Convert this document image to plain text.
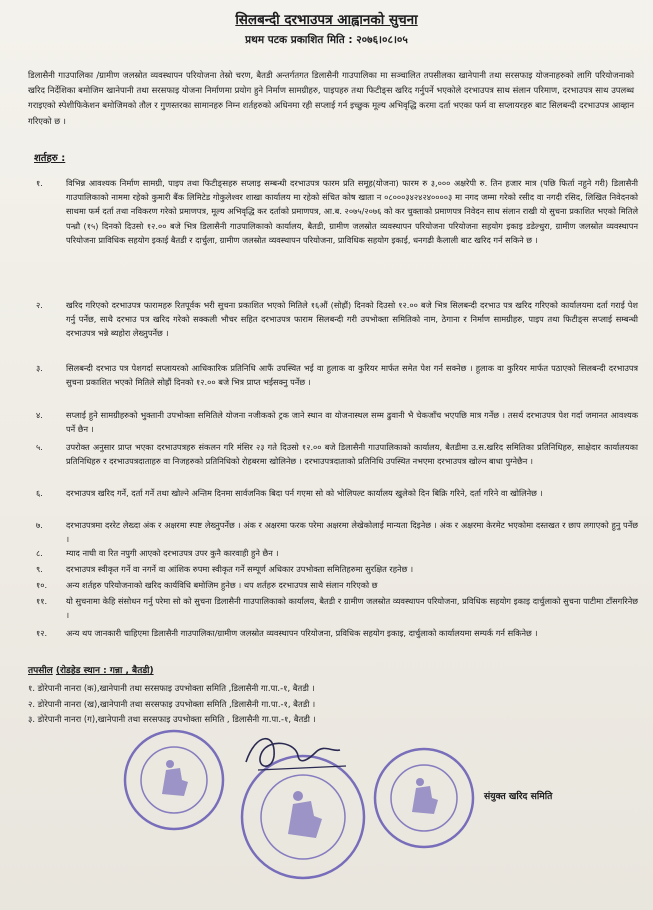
सिलबन्दी दरभाउपत्र आह्वानको सुचना
प्रथम पटक प्रकाशित मिति : २०७६।०८।०५
डिलासैनी गाउपालिका /ग्रामीण जलस्रोत व्यवस्थापन परियोजना तेस्रो चरण, बैतडी अन्तर्गतगत डिलासैनी गाउपालिका मा सञ्चालित तपसीलका खानेपानी तथा सरसफाइ योजनाहरुको लागि परियोजनाको खरिद निर्देशिका बमोजिम खानेपानी तथा सरसफाइ योजना निर्माणमा प्रयोग हुने निर्माण सामग्रीहरु, पाइपहरु तथा फिटीङ्स खरिद गर्नुपर्ने भएकोले दरभाउपत्र साथ संलान परिमाण, दरभाउपत्र साथ उपलब्ध गराइएको स्पेशीफिकेशन बमोजिमको तौल र गुणस्तरका सामानहरु निम्न शर्तहरुको अधिनमा रही सप्लाई गर्न इच्छुक मूल्य अभिवृद्धि करमा दर्ता भएका फर्म वा सप्लायरहरु बाट सिलबन्दी दरभाउपत्र आव्हान गरिएको छ ।
शर्तहरु :
१.	विभिन्न आवश्यक निर्माण सामग्री, पाइप तथा फिटीङ्सहरु सप्लाइ सम्बन्धी दरभाउपत्र फारम प्रति समूह(योजना) फारम रु ३,००० अक्षरेपी रु. तिन हजार मात्र (पछि फिर्ता नहुने गरी) डिलासैनी गाउपालिकाको नाममा रहेको कुमारी बैंक लिमिटेड गोकुलेश्वर शाखा कार्यालय मा रहेको संचित कोष खाता न ०८०००३४२४२४००००३ मा नगद जम्मा गरेको रसीद वा नगदी रसिद, लिखित निवेदनको साथमा फर्म दर्ता तथा नविकरण गरेको प्रमाणपत्र, मूल्य अभिवृद्धि कर दर्ताको प्रमाणपत्र, आ.ब. २०७५/२०७६ को कर चुक्ताको प्रमाणपत्र निवेदन साथ संलान राखी यो सुचना प्रकाशित भएको मितिले पन्ध्रौ (१५) दिनको दिउसो १२.०० बजे भित्र डिलासैनी गाउपालिकाको कार्यालय, बैतडी, ग्रामीण जलस्रोत व्यवस्थापन परियोजना परियोजना सहयोग इकाइ डडेल्धुरा, ग्रामीण जलस्रोत व्यवस्थापन परियोजना प्राविधिक सहयोग इकाई बैतडी र दार्चुला, ग्रामीण जलस्रोत व्यवस्थापन परियोजना, प्राविधिक सहयोग इकाई, धनगढी कैलाली बाट खरिद गर्न सकिने छ ।
२.	खरिद गरिएको दरभाउपत्र फारामहरु रितपूर्वक भरी सुचना प्रकाशित भएको मितिले १६औं (सोह्रौं) दिनको दिउसो १२.०० बजे भित्र सिलबन्दी दरभाउ पत्र खरिद गरिएको कार्यालयमा दर्ता गराई पेश गर्नु पर्नेछ, साथै दरभाउ पत्र खरिद गरेको सक्कली भौचर सहित दरभाउपत्र फाराम सिलबन्दी गरी उपभोक्ता समितिको नाम, ठेगाना र निर्माण सामग्रीहरु, पाइप तथा फिटीङ्स सप्लाई सम्बन्धी दरभाउपत्र भन्ने ब्यहोरा लेख्नुपर्नेछ ।
३.	सिलबन्दी दरभाउ पत्र पेशगर्दा सप्लायरको आधिकारिक प्रतिनिधि आफैं उपस्थित भई वा हुलाक वा कुरियर मार्फत समेत पेश गर्न सक्नेछ । हुलाक वा कुरियर मार्फत पठाएको सिलबन्दी दरभाउपत्र सुचना प्रकाशित भएको मितिले सोह्रौं दिनको १२.०० बजे भित्र प्राप्त भईसक्नु पर्नेछ ।
४.	सप्लाई हुने सामग्रीहरुको भुक्तानी उपभोक्ता समितिले योजना नजीकको ट्रक जाने स्थान वा योजनास्थल सम्म ढुवानी भै चेकजाँच भएपछि मात्र गर्नेछ । तसर्थ दरभाउपत्र पेश गर्दा जमानत आवश्यक पर्ने छैन ।
५.	उपरोक्त अनुसार प्राप्त भएका दरभाउपत्रहरु संकलन गरि मंसिर २३ गते दिउसो १२.०० बजे डिलासैनी गाउपालिकाको कार्यालय, बैतडीमा उ.स.खरिद समितिका प्रतिनिधिहरु, साक्षेदार कार्यालयका प्रतिनिधिहरु र दरभाउपत्रदाताहरु वा निजहरुको प्रतिनिधिको रोहबरमा खोलिनेछ । दरभाउपत्रदाताको प्रतिनिधि उपस्थित नभएमा दरभाउपत्र खोल्न बाधा पुग्नेछैन ।
६.	दरभाउपत्र खरिद गर्ने, दर्ता गर्ने तथा खोल्ने अन्तिम दिनमा सार्वजनिक बिदा पर्न गएमा सो को भोलिपल्ट कार्यालय खुलेको दिन बिक्रि गरिने, दर्ता गरिने वा खोलिनेछ ।
७.	दरभाउपत्रमा दररेट लेख्दा अंक र अक्षरमा स्पष्ट लेख्नुपर्नेछ । अंक र अक्षरमा फरक परेमा अक्षरमा लेखेकोलाई मान्यता दिइनेछ । अंक र अक्षरमा केरमेट भएकोमा दस्तखत र छाप लगाएको हुनु पर्नेछ ।
८.	म्याद नाघी वा रित नपुगी आएको दरभाउपत्र उपर कुनै कारवाही हुने छैन ।
९.	दरभाउपत्र स्वीकृत गर्ने वा नगर्ने वा आंशिक रुपमा स्वीकृत गर्ने सम्पूर्ण अधिकार उपभोक्ता समितिहरुमा सुरक्षित रहनेछ ।
१०.	अन्य शर्तहरु परियोजनाको खरिद कार्यविधि बमोजिम हुनेछ । थप शर्तहरु दरभाउपत्र साथै संलान गरिएको छ
११.	यो सुचनामा केहि संसोधन गर्नु परेमा सो को सुचना डिलासैनी गाउपालिकाको कार्यालय, बैतडी र ग्रामीण जलस्रोत व्यवस्थापन परियोजना, प्रविधिक सहयोग इकाइ दार्चुलाको सुचना पाटीमा टाँसगरिनेछ ।
१२.	अन्य थप जानकारी चाहिएमा डिलासैनी गाउपालिका/ग्रामीण जलस्रोत व्यवस्थापन परियोजना, प्रविधिक सहयोग इकाइ, दार्चुलाको कार्यालयमा सम्पर्क गर्न सकिनेछ ।
तपसील (रोडहेड स्थान : गन्ना , बैतडी)
१. डोरेपानी नानरा (क),खानेपानी तथा सरसफाइ उपभोक्ता समिति ,डिलासैनी गा.पा.-१, बैतडी ।
२. डोरेपानी नानरा (ख),खानेपानी तथा सरसफाइ उपभोक्ता समिति ,डिलासैनी गा.पा.-१, बैतडी ।
३. डोरेपानी नानरा (ग),खानेपानी तथा सरसफाइ उपभोक्ता समिति , डिलासैनी गा.पा.-१, बैतडी ।
संयुक्त खरिद समिति
